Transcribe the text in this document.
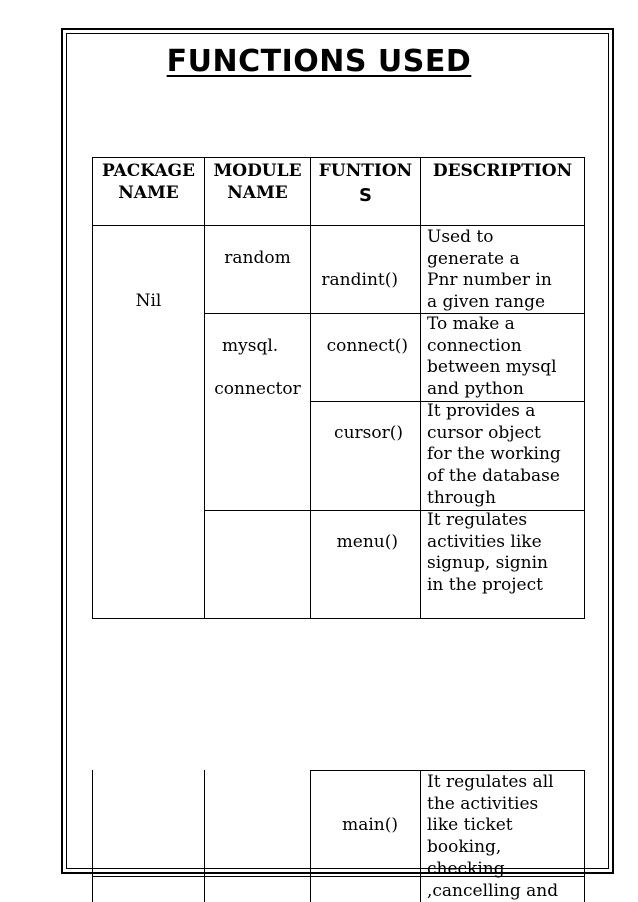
FUNCTIONS USED
PACKAGE
NAME
MODULE
NAME
FUNTION
S
DESCRIPTION
Nil
random
mysql.
connector
randint()
connect()
cursor()
menu()
Used to
generate a
Pnr number in
a given range
To make a
connection
between mysql
and python
It provides a
cursor object
for the working
of the database
through
It regulates
activities like
signup, signin
in the project
main()
It regulates all
the activities
like ticket
booking,
checking
,cancelling and
